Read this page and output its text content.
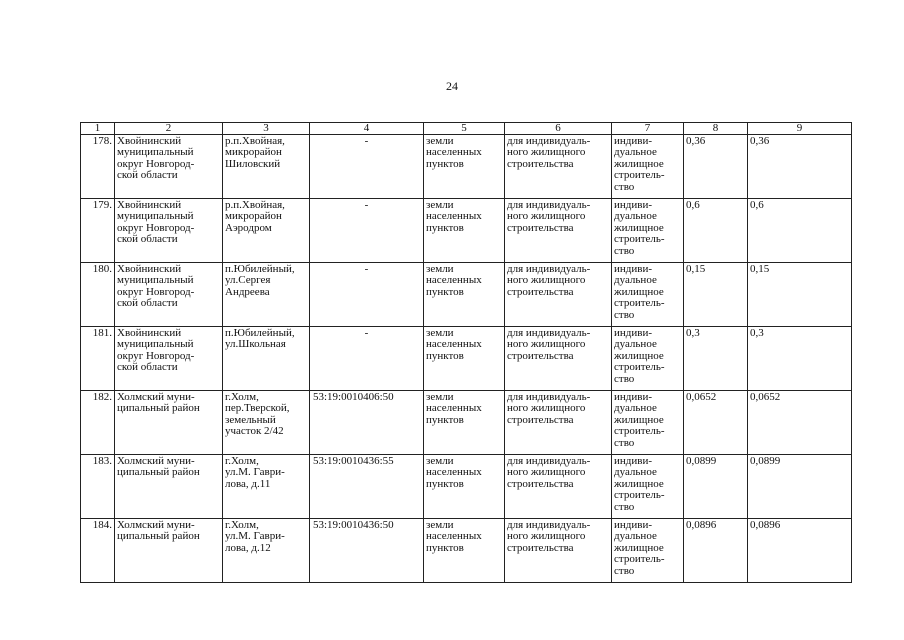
24
1	2	3	4	5	6	7	8	9
178.	Хвойнинский
муниципальный
округ Новгород-
ской области	р.п.Хвойная,
микрорайон
Шиловский	-	земли
населенных
пунктов	для индивидуаль-
ного жилищного
строительства	индиви-
дуальное
жилищное
строитель-
ство	0,36	0,36
179.	Хвойнинский
муниципальный
округ Новгород-
ской области	р.п.Хвойная,
микрорайон
Аэродром	-	земли
населенных
пунктов	для индивидуаль-
ного жилищного
строительства	индиви-
дуальное
жилищное
строитель-
ство	0,6	0,6
180.	Хвойнинский
муниципальный
округ Новгород-
ской области	п.Юбилейный,
ул.Сергея
Андреева	-	земли
населенных
пунктов	для индивидуаль-
ного жилищного
строительства	индиви-
дуальное
жилищное
строитель-
ство	0,15	0,15
181.	Хвойнинский
муниципальный
округ Новгород-
ской области	п.Юбилейный,
ул.Школьная	-	земли
населенных
пунктов	для индивидуаль-
ного жилищного
строительства	индиви-
дуальное
жилищное
строитель-
ство	0,3	0,3
182.	Холмский муни-
ципальный район	г.Холм,
пер.Тверской,
земельный
участок 2/42	53:19:0010406:50	земли
населенных
пунктов	для индивидуаль-
ного жилищного
строительства	индиви-
дуальное
жилищное
строитель-
ство	0,0652	0,0652
183.	Холмский муни-
ципальный район	г.Холм,
ул.М. Гаври-
лова, д.11	53:19:0010436:55	земли
населенных
пунктов	для индивидуаль-
ного жилищного
строительства	индиви-
дуальное
жилищное
строитель-
ство	0,0899	0,0899
184.	Холмский муни-
ципальный район	г.Холм,
ул.М. Гаври-
лова, д.12	53:19:0010436:50	земли
населенных
пунктов	для индивидуаль-
ного жилищного
строительства	индиви-
дуальное
жилищное
строитель-
ство	0,0896	0,0896
